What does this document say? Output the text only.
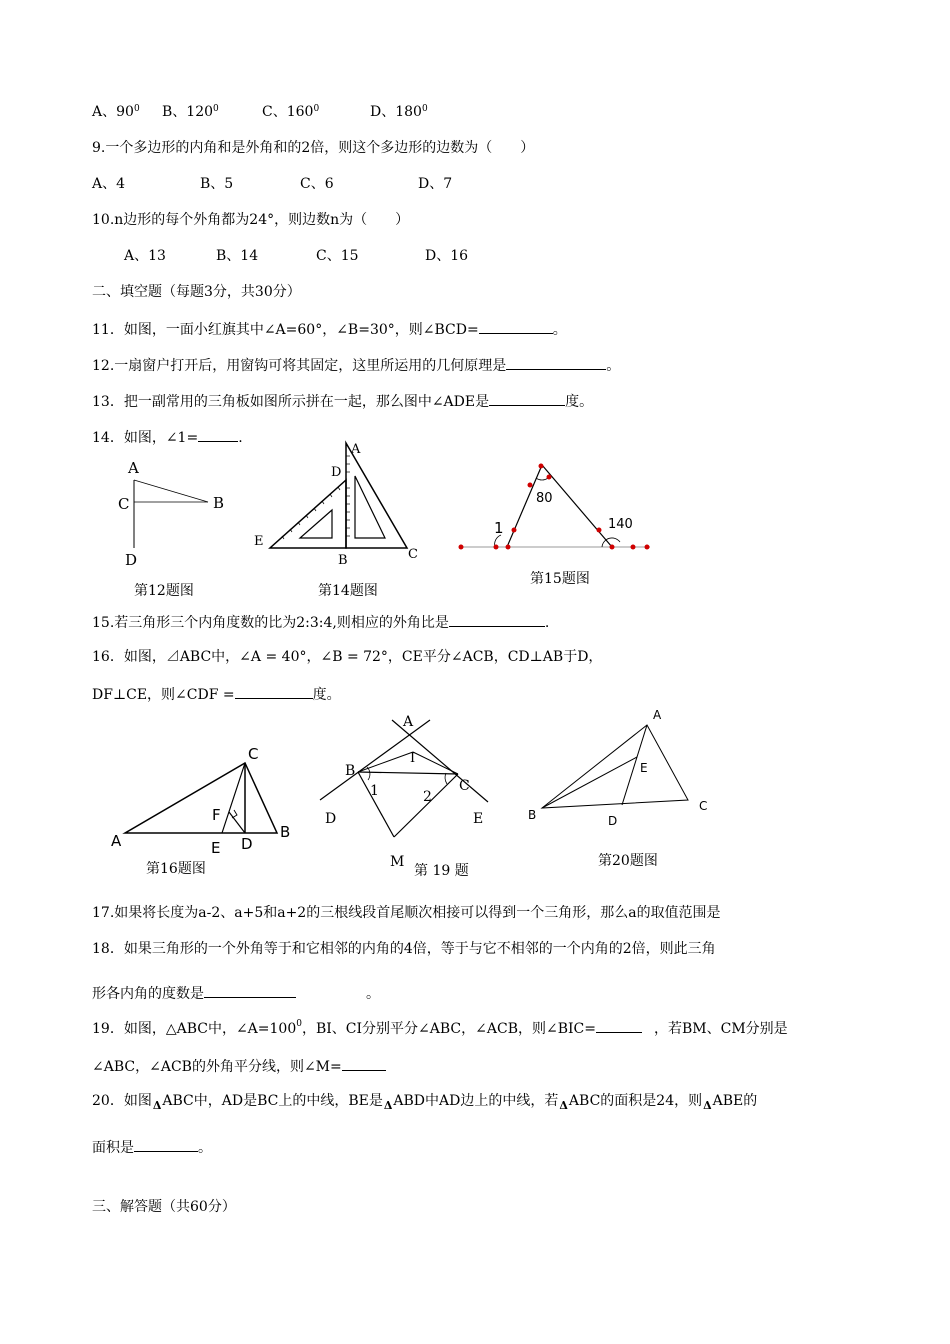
A、$90^0$ B、$120^0$	C、$160^0$	D、$180^0$
9.一个多边形的内角和是外角和的2倍，则这个多边形的边数为（　　）
A、4	B、5	C、6	D、7
10.n边形的每个外角都为24°，则边数n为（　　）
A、13	B、14	C、15	D、16
二、填空题（每题3分，共30分）
11．如图，一面小红旗其中∠A=60°，∠B=30°，则∠BCD=	。
12.一扇窗户打开后，用窗钩可将其固定，这里所运用的几何原理是	。
13．把一副常用的三角板如图所示拼在一起，那么图中∠ADE是	度。
14．如图，∠1=	.
A
C	B
D
第12题图
A
D
E
B	C
第14题图
80
1	140
第15题图
15.若三角形三个内角度数的比为2:3:4,则相应的外角比是	.
16．如图，⊿ABC中，∠A = 40°，∠B = 72°，CE平分∠ACB，CD⊥AB于D，
DF⊥CE，则∠CDF =	度。
C
A	B
F
E D
第16题图
A
I
B
C
1	2
D	E
M
第 19 题
A
E
B	D
C
第20题图
17.如果将长度为a-2、a+5和a+2的三根线段首尾顺次相接可以得到一个三角形，那么a的取值范围是
18．如果三角形的一个外角等于和它相邻的内角的4倍，等于与它不相邻的一个内角的2倍，则此三角
形各内角的度数是	。
19．如图，△ABC中，$\angle A=100^0$，BI、CI分别平分∠ABC，∠ACB，则∠BIC=	，若BM、CM分别是
∠ABC，∠ACB的外角平分线，则∠M=
20．如图ΔABC中，AD是BC上的中线，BE是ΔABD中AD边上的中线，若ΔABC的面积是24，则ΔABE的
面积是	。
三、解答题（共60分）
